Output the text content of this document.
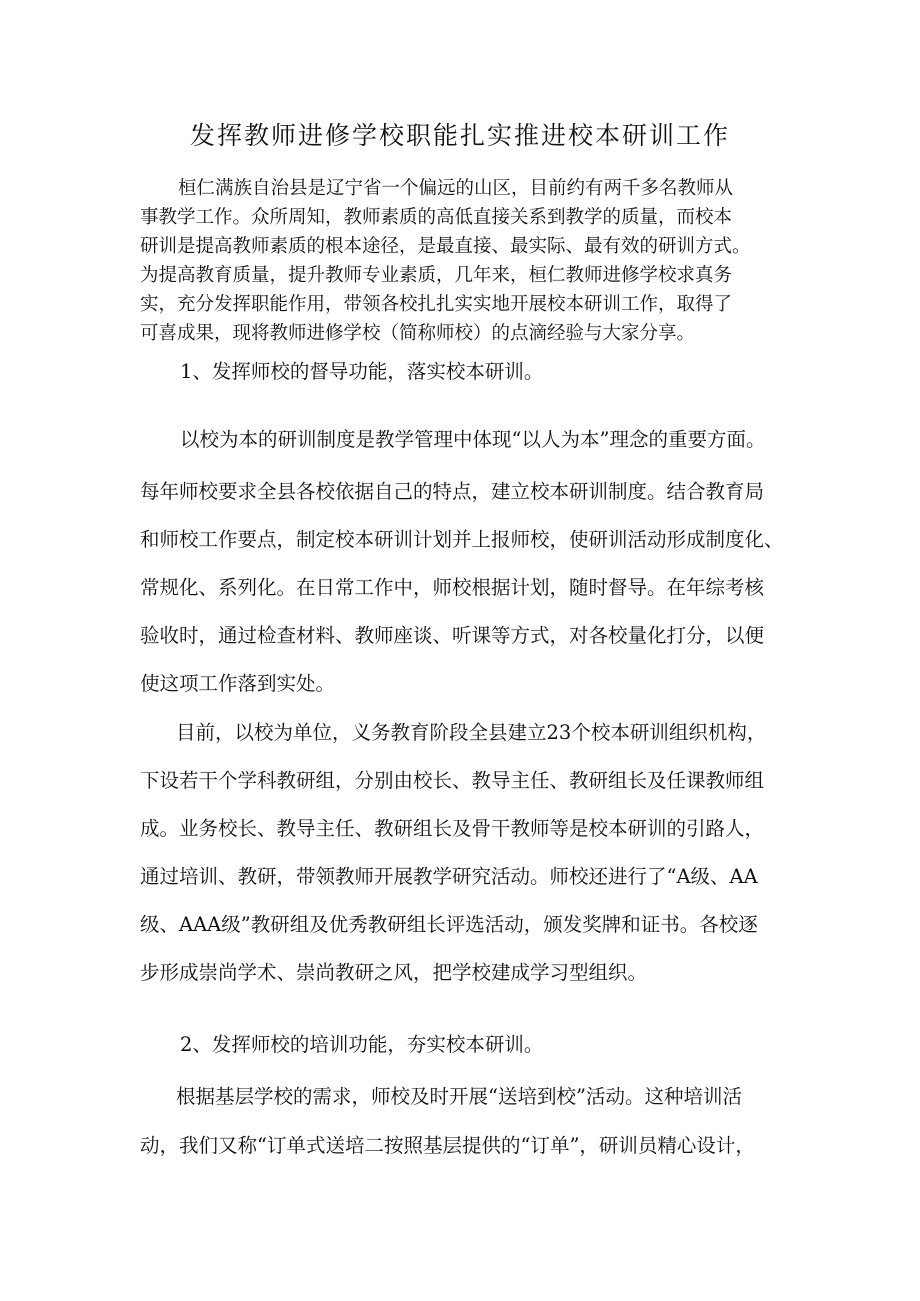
发挥教师进修学校职能扎实推进校本研训工作
桓仁满族自治县是辽宁省一个偏远的山区，目前约有两千多名教师从
事教学工作。众所周知，教师素质的高低直接关系到教学的质量，而校本
研训是提高教师素质的根本途径，是最直接、最实际、最有效的研训方式。
为提高教育质量，提升教师专业素质，几年来，桓仁教师进修学校求真务
实，充分发挥职能作用，带领各校扎扎实实地开展校本研训工作，取得了
可喜成果，现将教师进修学校（简称师校）的点滴经验与大家分享。
1、发挥师校的督导功能，落实校本研训。
以校为本的研训制度是教学管理中体现“以人为本”理念的重要方面。
每年师校要求全县各校依据自己的特点，建立校本研训制度。结合教育局
和师校工作要点，制定校本研训计划并上报师校，使研训活动形成制度化、
常规化、系列化。在日常工作中，师校根据计划，随时督导。在年综考核
验收时，通过检查材料、教师座谈、听课等方式，对各校量化打分，以便
使这项工作落到实处。
目前，以校为单位，义务教育阶段全县建立23个校本研训组织机构，
下设若干个学科教研组，分别由校长、教导主任、教研组长及任课教师组
成。业务校长、教导主任、教研组长及骨干教师等是校本研训的引路人，
通过培训、教研，带领教师开展教学研究活动。师校还进行了“A级、AA
级、AAA级”教研组及优秀教研组长评选活动，颁发奖牌和证书。各校逐
步形成崇尚学术、崇尚教研之风，把学校建成学习型组织。
2、发挥师校的培训功能，夯实校本研训。
根据基层学校的需求，师校及时开展“送培到校”活动。这种培训活
动，我们又称“订单式送培二按照基层提供的“订单”，研训员精心设计，
